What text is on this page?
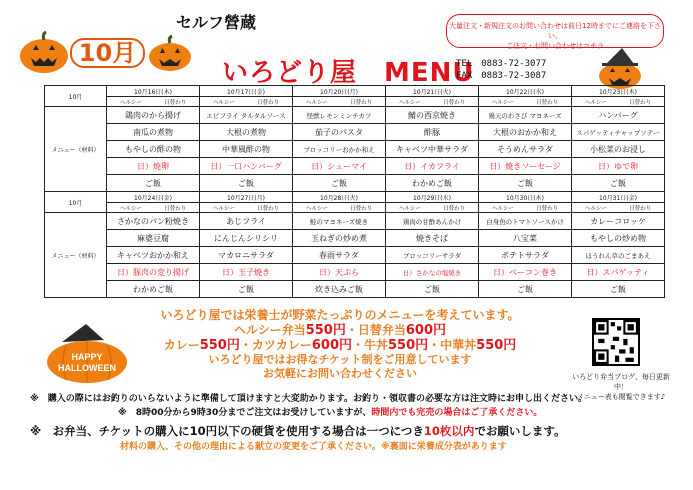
10月
セルフ營蔵
いろどり屋　MENU
大量注文・新規注文のお問い合わせは前日12時までにご連絡を下さい。
ご注文・お問い合わせはコチラ
TEL　0883-72-3077
FAX　0883-72-3087
10月	10月16日(木)	10月17日(金)	10月20日(月)	10月21日(火)	10月22日(水)	10月23日(木)
	ヘルシー 日替わり	ヘルシー 日替わり	ヘルシー 日替わり	ヘルシー 日替わり	ヘルシー 日替わり	ヘルシー 日替わり
メニュー（材料）	鶏肉のから揚げ	エビフライ タルタルソース	怪獣レモンミンチカツ	鯖の西京焼き	鶏天のわさび マヨネーズ	ハンバーグ
	南瓜の煮物	大根の煮物	茄子のパスタ	酢豚	大根のおかか和え	スパゲッティチャップソテー
	もやしの酢の物	中華風酢の物	ブロッコリーおかか和え	キャベツ中華サラダ	そうめんサラダ	小松菜のお浸し
	日）焼卵	日）一口ハンバーグ	日）シューマイ	日）イカフライ	日）焼きソーセージ	日）ゆで卵
	ご飯	ご飯	ご飯	わかめご飯	ご飯	ご飯
10月	10月24日(金)	10月27日(月)	10月28日(火)	10月29日(水)	10月30日(木)	10月31日(金)
	ヘルシー 日替わり	ヘルシー 日替わり	ヘルシー 日替わり	ヘルシー 日替わり	ヘルシー 日替わり	ヘルシー 日替わり
メニュー（材料）	さかなのパン粉焼き	あじフライ	鮭のマヨネーズ焼き	鶏肉の甘酢あんかけ	白身魚のトマトソースかけ	カレーコロッケ
	麻婆豆腐	にんじんシリシリ	玉ねぎの炒め煮	焼きそば	八宝菜	もやしの炒め物
	キャベツおかか和え	マカロニサラダ	春雨サラダ	ブロッコリーサラダ	ポテトサラダ	ほうれん草のごまあえ
	日）豚肉の変り揚げ	日）玉子焼き	日）天ぷら	日）さかなの塩焼き	日）ベーコン巻き	日）スパゲッティ
	わかめご飯	ご飯	炊き込みご飯	ご飯	ご飯	ご飯
HAPPY
HALLOWEEN
いろどり屋では栄養士が野菜たっぷりのメニューを考えています。
ヘルシー弁当550円・日替弁当600円
カレー550円・カツカレー600円・牛丼550円・中華丼550円
いろどり屋ではお得なチケット制をご用意しています
お気軽にお問い合わせください	いろどり弁当ブログ、毎日更新中！
メニュー表も閲覧できます♪
※　購入の際にはお釣りのいらないように準備して頂けますと大変助かります。お釣り・領収書の必要な方は注文時にお申し出ください。
※　8時00分から9時30分までご注文はお受けしていますが、時間内でも完売の場合はご了承ください。
※　お弁当、チケットの購入に10円以下の硬貨を使用する場合は一つにつき10枚以内でお願いします。
材料の購入、その他の理由による献立の変更をご了承ください。※裏面に栄養成分表があります
